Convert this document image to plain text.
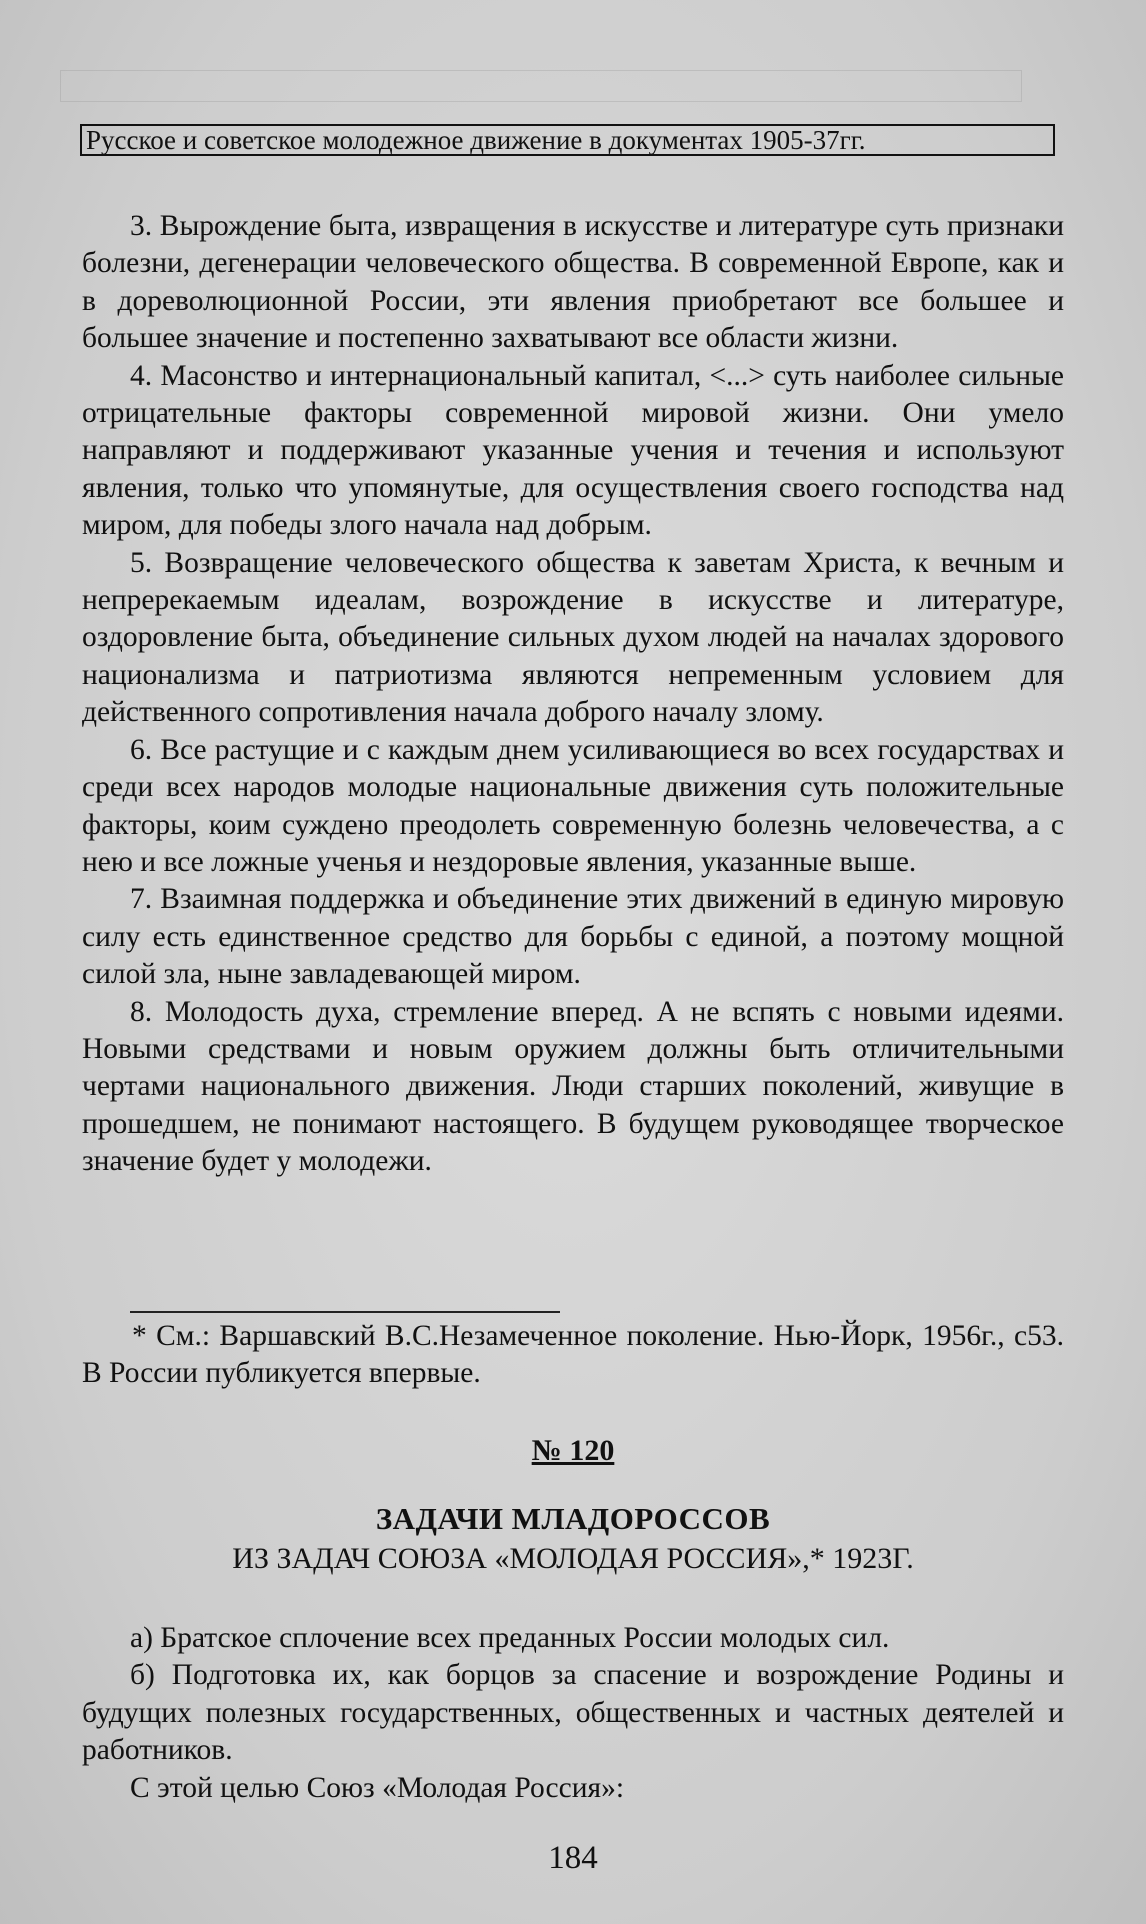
Русское и советское молодежное движение в документах 1905-37гг.

3. Вырождение быта, извращения в искусстве и литературе суть признаки болезни, дегенерации человеческого общества. В современной Европе, как и в дореволюционной России, эти явления приобретают все большее и большее значение и постепенно захватывают все области жизни.

4. Масонство и интернациональный капитал, <...> суть наиболее сильные отрицательные факторы современной мировой жизни. Они умело направляют и поддерживают указанные учения и течения и используют явления, только что упомянутые, для осуществления своего господства над миром, для победы злого начала над добрым.

5. Возвращение человеческого общества к заветам Христа, к вечным и непререкаемым идеалам, возрождение в искусстве и литературе, оздоровление быта, объединение сильных духом людей на началах здорового национализма и патриотизма являются непременным условием для действенного сопротивления начала доброго началу злому.

6. Все растущие и с каждым днем усиливающиеся во всех государствах и среди всех народов молодые национальные движения суть положительные факторы, коим суждено преодолеть современную болезнь человечества, а с нею и все ложные ученья и нездоровые явления, указанные выше.

7. Взаимная поддержка и объединение этих движений в единую мировую силу есть единственное средство для борьбы с единой, а поэтому мощной силой зла, ныне завладевающей миром.

8. Молодость духа, стремление вперед. А не вспять с новыми идеями. Новыми средствами и новым оружием должны быть отличительными чертами национального движения. Люди старших поколений, живущие в прошедшем, не понимают настоящего. В будущем руководящее творческое значение будет у молодежи.

* См.: Варшавский В.С.Незамеченное поколение. Нью-Йорк, 1956г., с53. В России публикуется впервые.

№ 120
ЗАДАЧИ МЛАДОРОССОВ
ИЗ ЗАДАЧ СОЮЗА «МОЛОДАЯ РОССИЯ»,* 1923Г.

а) Братское сплочение всех преданных России молодых сил.

б) Подготовка их, как борцов за спасение и возрождение Родины и будущих полезных государственных, общественных и частных деятелей и работников.

С этой целью Союз «Молодая Россия»:

184
